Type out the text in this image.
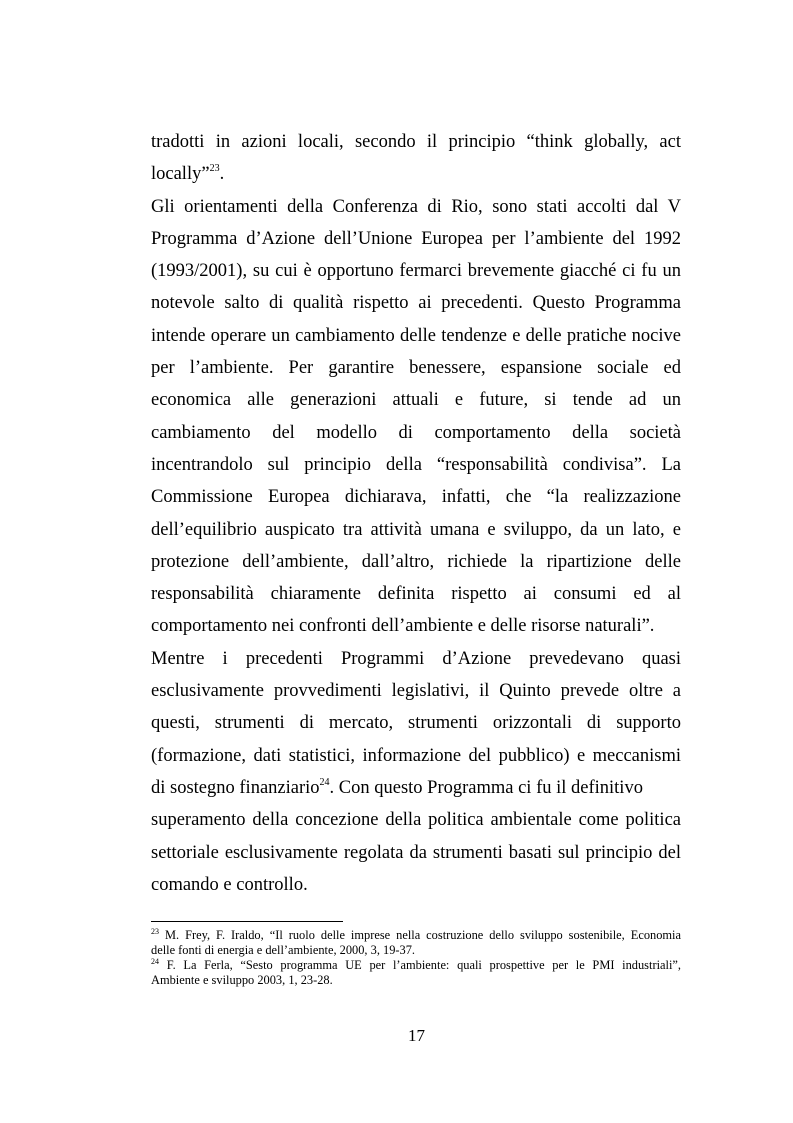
tradotti in azioni locali, secondo il principio “think globally, act
locally”$^{23}$.
Gli orientamenti della Conferenza di Rio, sono stati accolti dal V
Programma d’Azione dell’Unione Europea per l’ambiente del 1992
(1993/2001), su cui è opportuno fermarci brevemente giacché ci fu un
notevole salto di qualità rispetto ai precedenti. Questo Programma
intende operare un cambiamento delle tendenze e delle pratiche nocive
per l’ambiente. Per garantire benessere, espansione sociale ed
economica alle generazioni attuali e future, si tende ad un
cambiamento del modello di comportamento della società
incentrandolo sul principio della “responsabilità condivisa”. La
Commissione Europea dichiarava, infatti, che “la realizzazione
dell’equilibrio auspicato tra attività umana e sviluppo, da un lato, e
protezione dell’ambiente, dall’altro, richiede la ripartizione delle
responsabilità chiaramente definita rispetto ai consumi ed al
comportamento nei confronti dell’ambiente e delle risorse naturali”.
Mentre i precedenti Programmi d’Azione prevedevano quasi
esclusivamente provvedimenti legislativi, il Quinto prevede oltre a
questi, strumenti di mercato, strumenti orizzontali di supporto
(formazione, dati statistici, informazione del pubblico) e meccanismi
di sostegno finanziario$^{24}$. Con questo Programma ci fu il definitivo
superamento della concezione della politica ambientale come politica
settoriale esclusivamente regolata da strumenti basati sul principio del
comando e controllo.
$^{23}$ M. Frey, F. Iraldo, “Il ruolo delle imprese nella costruzione dello sviluppo sostenibile, Economia
delle fonti di energia e dell’ambiente, 2000, 3, 19-37.
$^{24}$ F. La Ferla, “Sesto programma UE per l’ambiente: quali prospettive per le PMI industriali”,
Ambiente e sviluppo 2003, 1, 23-28.
17
